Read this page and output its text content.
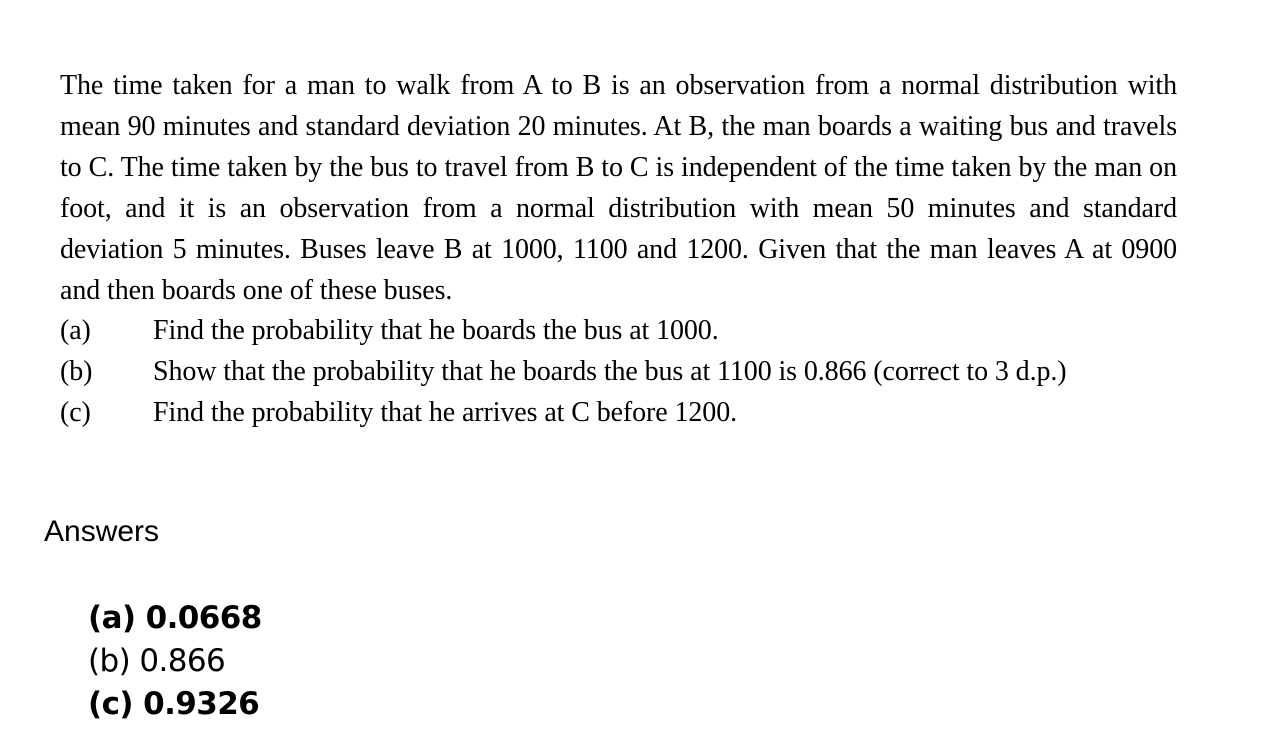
The time taken for a man to walk from A to B is an observation from a normal distribution with mean 90 minutes and standard deviation 20 minutes. At B, the man boards a waiting bus and travels to C. The time taken by the bus to travel from B to C is independent of the time taken by the man on foot, and it is an observation from a normal distribution with mean 50 minutes and standard deviation 5 minutes. Buses leave B at 1000, 1100 and 1200. Given that the man leaves A at 0900 and then boards one of these buses.

(a)	Find the probability that he boards the bus at 1000.
(b)	Show that the probability that he boards the bus at 1100 is 0.866 (correct to 3 d.p.)
(c)	Find the probability that he arrives at C before 1200.
Answers
(a) 0.0668
(b) 0.866
(c) 0.9326
